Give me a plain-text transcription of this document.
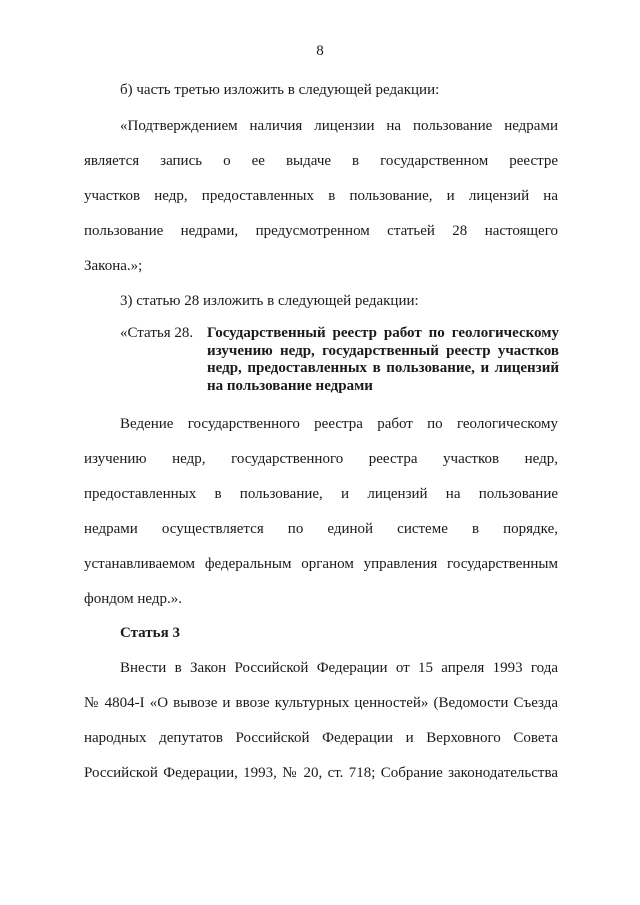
8
б) часть третью изложить в следующей редакции:
«Подтверждением наличия лицензии на пользование недрами
является запись о ее выдаче в государственном реестре
участков недр, предоставленных в пользование, и лицензий на
пользование недрами, предусмотренном статьей 28 настоящего
Закона.»;
3) статью 28 изложить в следующей редакции:
«Статья 28. Государственный реестр работ по геологическому
изучению недр, государственный реестр участков
недр, предоставленных в пользование, и лицензий
на пользование недрами
Ведение государственного реестра работ по геологическому
изучению недр, государственного реестра участков недр,
предоставленных в пользование, и лицензий на пользование
недрами осуществляется по единой системе в порядке,
устанавливаемом федеральным органом управления государственным
фондом недр.».
Статья 3
Внести в Закон Российской Федерации от 15 апреля 1993 года
№ 4804-I «О вывозе и ввозе культурных ценностей» (Ведомости Съезда
народных депутатов Российской Федерации и Верховного Совета
Российской Федерации, 1993, № 20, ст. 718; Собрание законодательства
